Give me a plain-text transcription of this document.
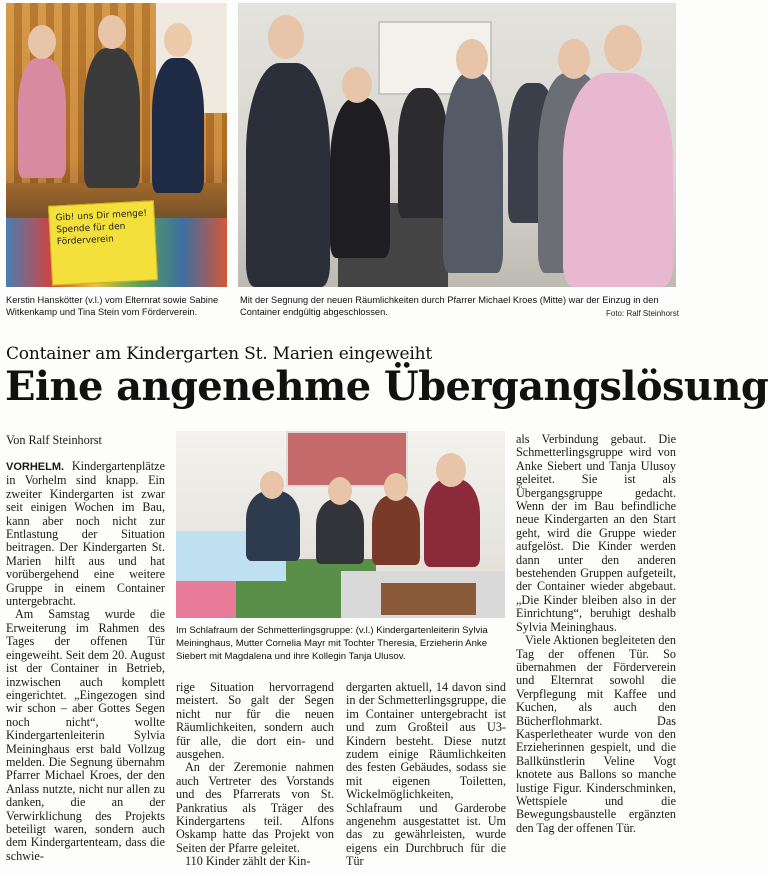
Gib! uns Dir menge! Spende für den Förderverein
Kerstin Hanskötter (v.l.) vom Elternrat sowie Sabine Witkenkamp und Tina Stein vom Förderverein.
Mit der Segnung der neuen Räumlichkeiten durch Pfarrer Michael Kroes (Mitte) war der Einzug in den Container endgültig abgeschlossen.	Foto: Ralf Steinhorst
Container am Kindergarten St. Marien eingeweiht
Eine angenehme Übergangslösung
Von Ralf Steinhorst

VORHELM. Kindergartenplätze in Vorhelm sind knapp. Ein zweiter Kindergarten ist zwar seit einigen Wochen im Bau, kann aber noch nicht zur Entlastung der Situation beitragen. Der Kindergarten St. Marien hilft aus und hat vorübergehend eine weitere Gruppe in einem Container untergebracht.

Am Samstag wurde die Erweiterung im Rahmen des Tages der offenen Tür eingeweiht. Seit dem 20. August ist der Container in Betrieb, inzwischen auch komplett eingerichtet. „Eingezogen sind wir schon – aber Gottes Segen noch nicht“, wollte Kindergartenleiterin Sylvia Meininghaus erst bald Vollzug melden. Die Segnung übernahm Pfarrer Michael Kroes, der den Anlass nutzte, nicht nur allen zu danken, die an der Verwirklichung des Projekts beteiligt waren, sondern auch dem Kindergartenteam, dass die schwie-

Im Schlafraum der Schmetterlingsgruppe: (v.l.) Kindergartenleiterin Sylvia Meininghaus, Mutter Cornelia Mayr mit Tochter Theresia, Erzieherin Anke Siebert mit Magdalena und ihre Kollegin Tanja Ulusov.

rige Situation hervorragend meistert. So galt der Segen nicht nur für die neuen Räumlichkeiten, sondern auch für alle, die dort ein- und ausgehen.

An der Zeremonie nahmen auch Vertreter des Vorstands und des Pfarrerats von St. Pankratius als Träger des Kindergartens teil. Alfons Oskamp hatte das Projekt von Seiten der Pfarre geleitet.

110 Kinder zählt der Kin-

dergarten aktuell, 14 davon sind in der Schmetterlingsgruppe, die im Container untergebracht ist und zum Großteil aus U3-Kindern besteht. Diese nutzt zudem einige Räumlichkeiten des festen Gebäudes, sodass sie mit eigenen Toiletten, Wickelmöglichkeiten, Schlafraum und Garderobe angenehm ausgestattet ist. Um das zu gewährleisten, wurde eigens ein Durchbruch für die Tür

als Verbindung gebaut. Die Schmetterlingsgruppe wird von Anke Siebert und Tanja Ulusoy geleitet. Sie ist als Übergangsgruppe gedacht. Wenn der im Bau befindliche neue Kindergarten an den Start geht, wird die Gruppe wieder aufgelöst. Die Kinder werden dann unter den anderen bestehenden Gruppen aufgeteilt, der Container wieder abgebaut. „Die Kinder bleiben also in der Einrichtung“, beruhigt deshalb Sylvia Meininghaus.

Viele Aktionen begleiteten den Tag der offenen Tür. So übernahmen der Förderverein und Elternrat sowohl die Verpflegung mit Kaffee und Kuchen, als auch den Bücherflohmarkt. Das Kasperletheater wurde von den Erzieherinnen gespielt, und die Ballkünstlerin Veline Vogt knotete aus Ballons so manche lustige Figur. Kinderschminken, Wettspiele und die Bewegungsbaustelle ergänzten den Tag der offenen Tür.
